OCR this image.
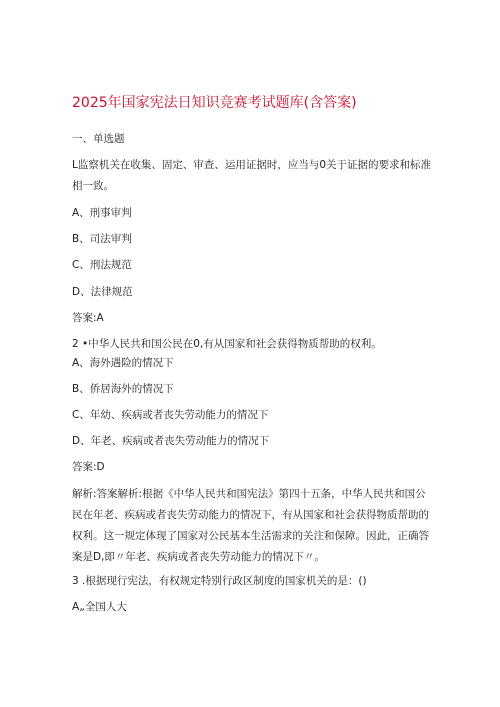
2025年国家宪法日知识竞赛考试题库(含答案)
一、单选题
L监察机关在收集、固定、审查、运用证据时，应当与0关于证据的要求和标准相一致。
A、刑事审判
B、司法审判
C、刑法规范
D、法律规范
答案:A
2 •中华人民共和国公民在0,有从国家和社会获得物质帮助的权利。
A、海外遇险的情况下
B、侨居海外的情况下
C、年幼、疾病或者丧失劳动能力的情况下
D、年老、疾病或者丧失劳动能力的情况下
答案:D
解析:答案解析:根据《中华人民共和国宪法》第四十五条，中华人民共和国公民在年老、疾病或者丧失劳动能力的情况下，有从国家和社会获得物质帮助的权利。这一规定体现了国家对公民基本生活需求的关注和保障。因此，正确答案是D,即〃年老、疾病或者丧失劳动能力的情况下〃。
3 .根据现行宪法，有权规定特别行政区制度的国家机关的是：()
A„全国人大
